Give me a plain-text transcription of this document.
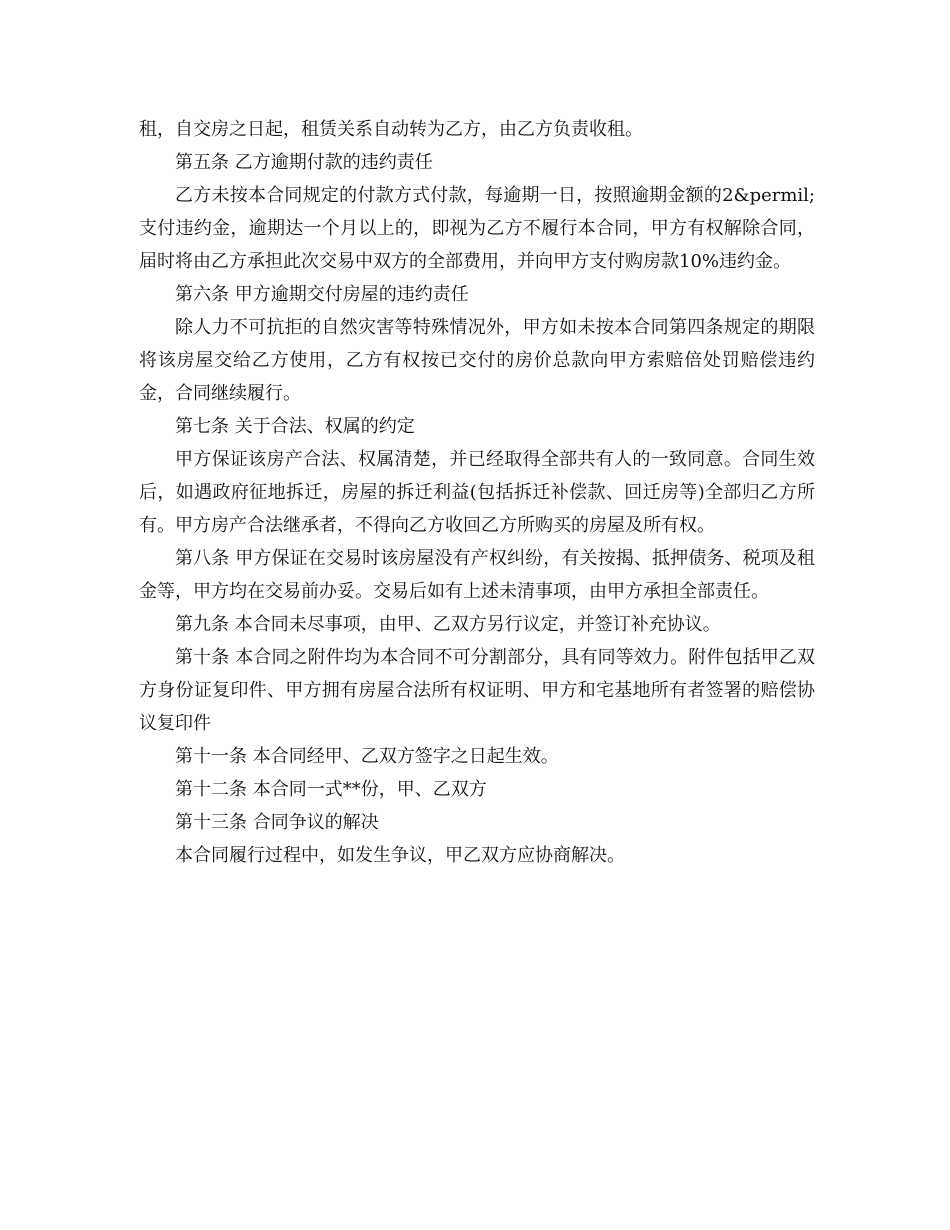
租，自交房之日起，租赁关系自动转为乙方，由乙方负责收租。

第五条 乙方逾期付款的违约责任

乙方未按本合同规定的付款方式付款，每逾期一日，按照逾期金额的2&permil;支付违约金，逾期达一个月以上的，即视为乙方不履行本合同，甲方有权解除合同，届时将由乙方承担此次交易中双方的全部费用，并向甲方支付购房款10%违约金。

第六条 甲方逾期交付房屋的违约责任

除人力不可抗拒的自然灾害等特殊情况外，甲方如未按本合同第四条规定的期限将该房屋交给乙方使用，乙方有权按已交付的房价总款向甲方索赔倍处罚赔偿违约金，合同继续履行。

第七条 关于合法、权属的约定

甲方保证该房产合法、权属清楚，并已经取得全部共有人的一致同意。合同生效后，如遇政府征地拆迁，房屋的拆迁利益(包括拆迁补偿款、回迁房等)全部归乙方所有。甲方房产合法继承者，不得向乙方收回乙方所购买的房屋及所有权。

第八条 甲方保证在交易时该房屋没有产权纠纷，有关按揭、抵押债务、税项及租金等，甲方均在交易前办妥。交易后如有上述未清事项，由甲方承担全部责任。

第九条 本合同未尽事项，由甲、乙双方另行议定，并签订补充协议。

第十条 本合同之附件均为本合同不可分割部分，具有同等效力。附件包括甲乙双方身份证复印件、甲方拥有房屋合法所有权证明、甲方和宅基地所有者签署的赔偿协议复印件

第十一条 本合同经甲、乙双方签字之日起生效。

第十二条 本合同一式**份，甲、乙双方

第十三条 合同争议的解决

本合同履行过程中，如发生争议，甲乙双方应协商解决。
